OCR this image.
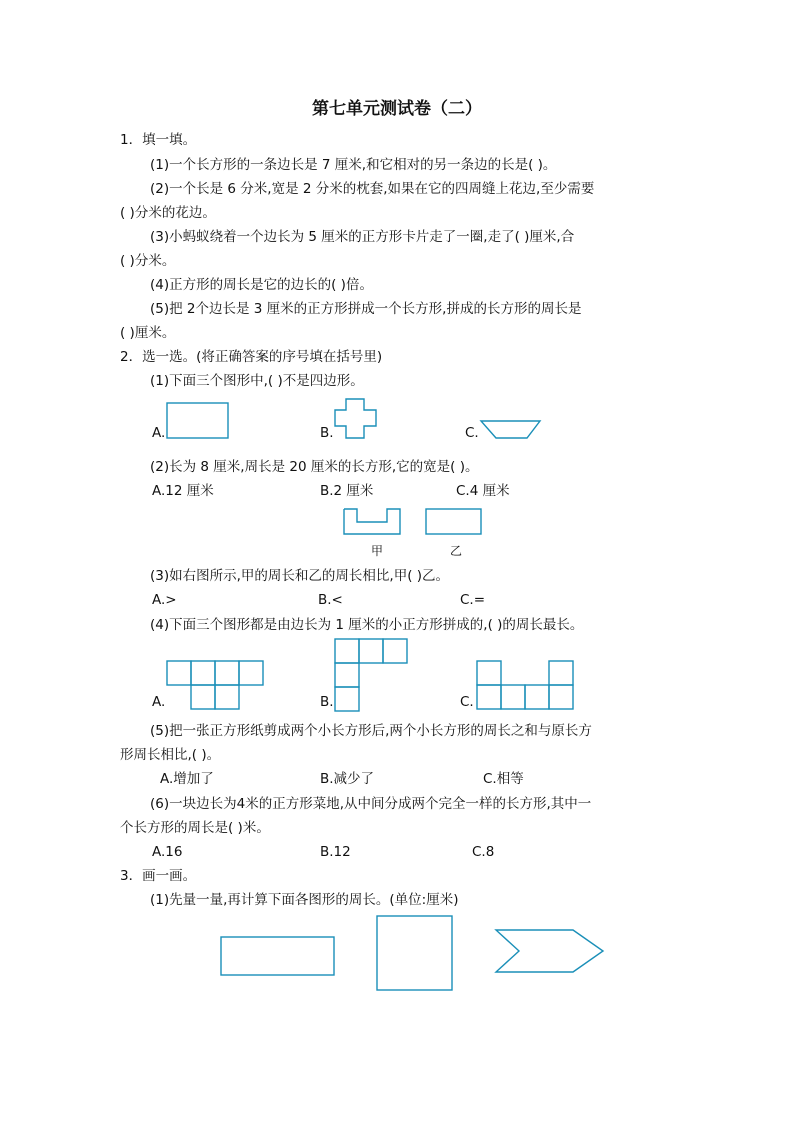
第七单元测试卷（二）
1．填一填。
(1)一个长方形的一条边长是 7 厘米,和它相对的另一条边的长是( )。
(2)一个长是 6 分米,宽是 2 分米的枕套,如果在它的四周缝上花边,至少需要
( )分米的花边。
(3)小蚂蚁绕着一个边长为 5 厘米的正方形卡片走了一圈,走了( )厘米,合
( )分米。
(4)正方形的周长是它的边长的( )倍。
(5)把 2个边长是 3 厘米的正方形拼成一个长方形,拼成的长方形的周长是
( )厘米。
2．选一选。(将正确答案的序号填在括号里)
(1)下面三个图形中,( )不是四边形。
A.	B.	C.
(2)长为 8 厘米,周长是 20 厘米的长方形,它的宽是( )。
A.12 厘米	B.2 厘米	C.4 厘米
甲	乙
(3)如右图所示,甲的周长和乙的周长相比,甲( )乙。
A.>	B.<	C.=
(4)下面三个图形都是由边长为 1 厘米的小正方形拼成的,( )的周长最长。
A.	B.	C.
(5)把一张正方形纸剪成两个小长方形后,两个小长方形的周长之和与原长方
形周长相比,( )。
A.增加了	B.减少了	C.相等
(6)一块边长为4米的正方形菜地,从中间分成两个完全一样的长方形,其中一
个长方形的周长是( )米。
A.16	B.12	C.8
3．画一画。
(1)先量一量,再计算下面各图形的周长。(单位:厘米)
